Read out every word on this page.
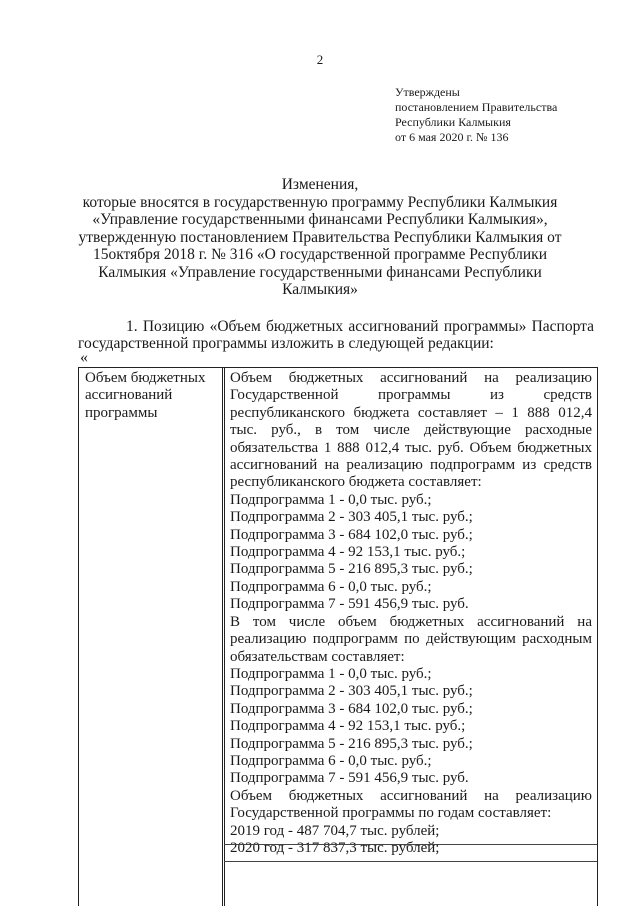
2
Утверждены
постановлением Правительства
Республики Калмыкия
от 6 мая 2020 г. № 136
Изменения,
которые вносятся в государственную программу Республики Калмыкия
«Управление государственными финансами Республики Калмыкия»,
утвержденную постановлением Правительства Республики Калмыкия от
15октября 2018 г. № 316 «О государственной программе Республики
Калмыкия «Управление государственными финансами Республики
Калмыкия»
1. Позицию «Объем бюджетных ассигнований программы» Паспорта
государственной программы изложить в следующей редакции:
«
Объем бюджетных
ассигнований
программы
Объем бюджетных ассигнований на реализацию
Государственной программы из средств
республиканского бюджета составляет – 1 888 012,4
тыс. руб., в том числе действующие расходные
обязательства 1 888 012,4 тыс. руб. Объем бюджетных
ассигнований на реализацию подпрограмм из средств
республиканского бюджета составляет:
Подпрограмма 1 - 0,0 тыс. руб.;
Подпрограмма 2 - 303 405,1 тыс. руб.;
Подпрограмма 3 - 684 102,0 тыс. руб.;
Подпрограмма 4 - 92 153,1 тыс. руб.;
Подпрограмма 5 - 216 895,3 тыс. руб.;
Подпрограмма 6 - 0,0 тыс. руб.;
Подпрограмма 7 - 591 456,9 тыс. руб.
В том числе объем бюджетных ассигнований на
реализацию подпрограмм по действующим расходным
обязательствам составляет:
Подпрограмма 1 - 0,0 тыс. руб.;
Подпрограмма 2 - 303 405,1 тыс. руб.;
Подпрограмма 3 - 684 102,0 тыс. руб.;
Подпрограмма 4 - 92 153,1 тыс. руб.;
Подпрограмма 5 - 216 895,3 тыс. руб.;
Подпрограмма 6 - 0,0 тыс. руб.;
Подпрограмма 7 - 591 456,9 тыс. руб.
Объем бюджетных ассигнований на реализацию
Государственной программы по годам составляет:
2019 год - 487 704,7 тыс. рублей;
2020 год - 317 837,3 тыс. рублей;
